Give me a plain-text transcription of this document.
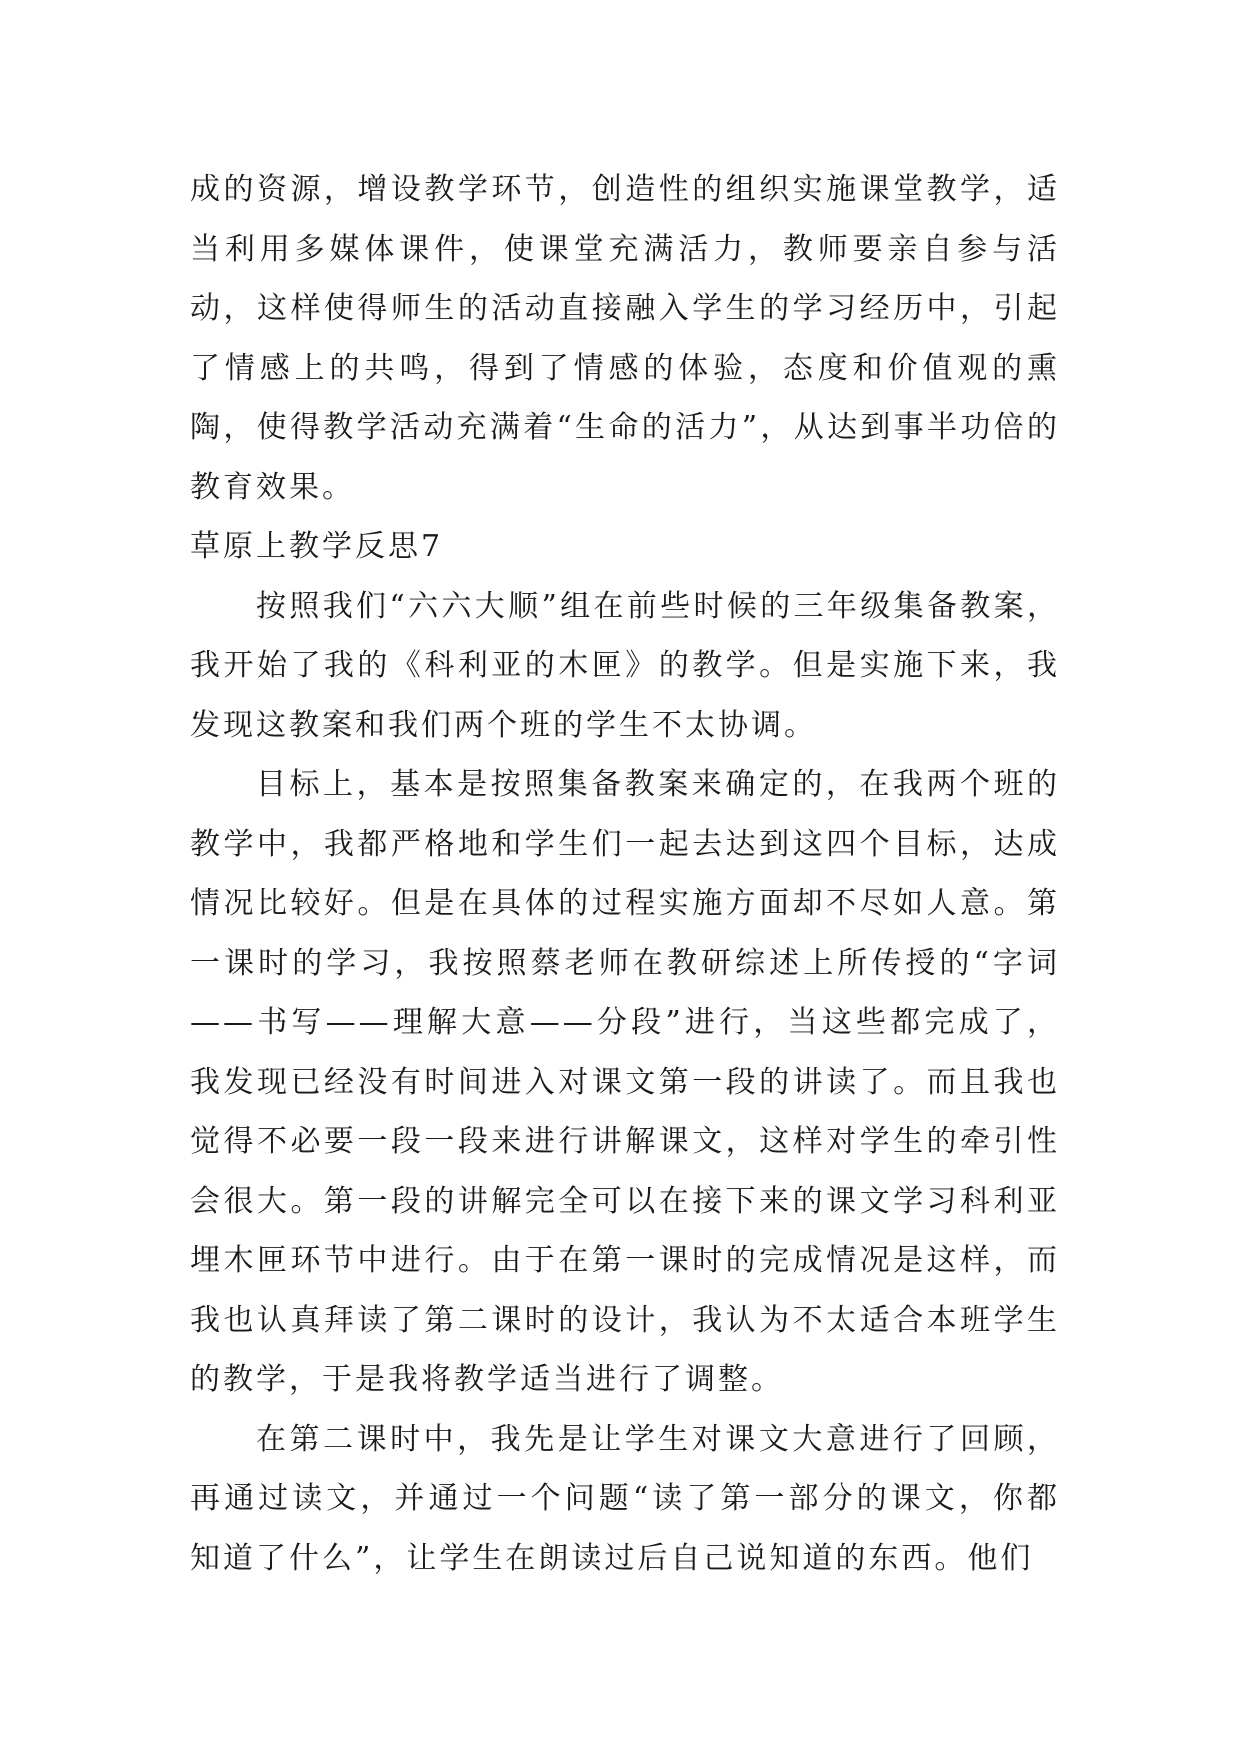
成的资源，增设教学环节，创造性的组织实施课堂教学，适当利用多媒体课件，使课堂充满活力，教师要亲自参与活动，这样使得师生的活动直接融入学生的学习经历中，引起了情感上的共鸣，得到了情感的体验，态度和价值观的熏陶，使得教学活动充满着“生命的活力”，从达到事半功倍的教育效果。

草原上教学反思7

按照我们“六六大顺”组在前些时候的三年级集备教案，我开始了我的《科利亚的木匣》的教学。但是实施下来，我发现这教案和我们两个班的学生不太协调。

目标上，基本是按照集备教案来确定的，在我两个班的教学中，我都严格地和学生们一起去达到这四个目标，达成情况比较好。但是在具体的过程实施方面却不尽如人意。第一课时的学习，我按照蔡老师在教研综述上所传授的“字词——书写——理解大意——分段”进行，当这些都完成了，我发现已经没有时间进入对课文第一段的讲读了。而且我也觉得不必要一段一段来进行讲解课文，这样对学生的牵引性会很大。第一段的讲解完全可以在接下来的课文学习科利亚埋木匣环节中进行。由于在第一课时的完成情况是这样，而我也认真拜读了第二课时的设计，我认为不太适合本班学生的教学，于是我将教学适当进行了调整。

在第二课时中，我先是让学生对课文大意进行了回顾，再通过读文，并通过一个问题“读了第一部分的课文，你都知道了什么”，让学生在朗读过后自己说知道的东西。他们
